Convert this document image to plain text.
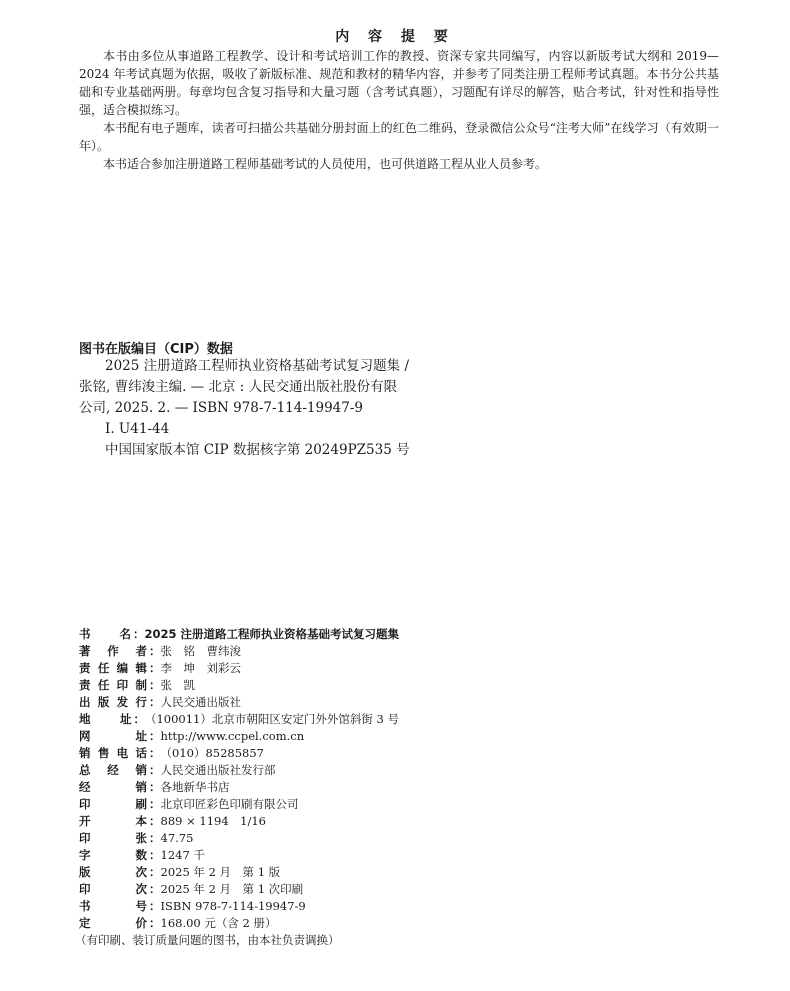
内 容 提 要

本书由多位从事道路工程教学、设计和考试培训工作的教授、资深专家共同编写，内容以新版考试大纲和 2019—2024 年考试真题为依据，吸收了新版标准、规范和教材的精华内容，并参考了同类注册工程师考试真题。本书分公共基础和专业基础两册。每章均包含复习指导和大量习题（含考试真题），习题配有详尽的解答，贴合考试，针对性和指导性强，适合模拟练习。

本书配有电子题库，读者可扫描公共基础分册封面上的红色二维码，登录微信公众号“注考大师”在线学习（有效期一年）。

本书适合参加注册道路工程师基础考试的人员使用，也可供道路工程从业人员参考。

图书在版编目（CIP）数据
2025 注册道路工程师执业资格基础考试复习题集 /
张铭, 曹纬浚主编. — 北京 : 人民交通出版社股份有限
公司, 2025. 2. — ISBN 978-7-114-19947-9
Ⅰ. U41-44
中国国家版本馆 CIP 数据核字第 20249PZ535 号
书名 ： 2025 注册道路工程师执业资格基础考试复习题集
著作者 ： 张　铭　曹纬浚
责任编辑 ： 李　坤　刘彩云
责任印制 ： 张　凯
出版发行 ： 人民交通出版社
地址 ： （100011）北京市朝阳区安定门外外馆斜街 3 号
网址 ： http://www.ccpel.com.cn
销售电话 ： （010）85285857
总经销 ： 人民交通出版社发行部
经销 ： 各地新华书店
印刷 ： 北京印匠彩色印刷有限公司
开本 ： 889 × 1194　1/16
印张 ： 47.75
字数 ： 1247 千
版次 ： 2025 年 2 月　第 1 版
印次 ： 2025 年 2 月　第 1 次印刷
书号 ： ISBN 978-7-114-19947-9
定价 ： 168.00 元（含 2 册）
（有印刷、装订质量问题的图书，由本社负责调换）
